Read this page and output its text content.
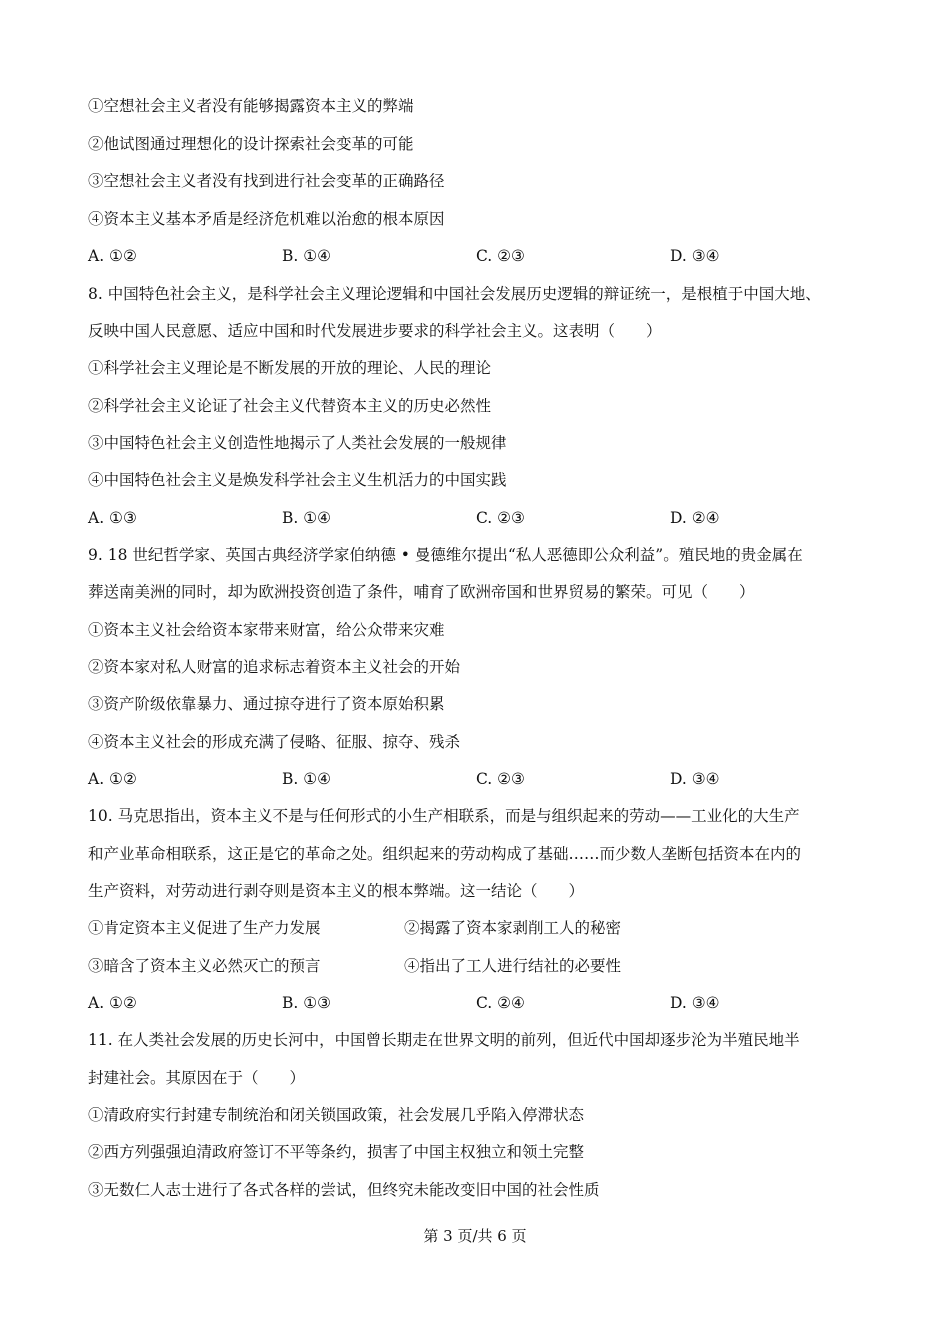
①空想社会主义者没有能够揭露资本主义的弊端
②他试图通过理想化的设计探索社会变革的可能
③空想社会主义者没有找到进行社会变革的正确路径
④资本主义基本矛盾是经济危机难以治愈的根本原因
A. ①②	B. ①④	C. ②③	D. ③④
8. 中国特色社会主义，是科学社会主义理论逻辑和中国社会发展历史逻辑的辩证统一，是根植于中国大地、
反映中国人民意愿、适应中国和时代发展进步要求的科学社会主义。这表明（　　）
①科学社会主义理论是不断发展的开放的理论、人民的理论
②科学社会主义论证了社会主义代替资本主义的历史必然性
③中国特色社会主义创造性地揭示了人类社会发展的一般规律
④中国特色社会主义是焕发科学社会主义生机活力的中国实践
A. ①③	B. ①④	C. ②③	D. ②④
9. 18 世纪哲学家、英国古典经济学家伯纳德 • 曼德维尔提出“私人恶德即公众利益”。殖民地的贵金属在
葬送南美洲的同时，却为欧洲投资创造了条件，哺育了欧洲帝国和世界贸易的繁荣。可见（　　）
①资本主义社会给资本家带来财富，给公众带来灾难
②资本家对私人财富的追求标志着资本主义社会的开始
③资产阶级依靠暴力、通过掠夺进行了资本原始积累
④资本主义社会的形成充满了侵略、征服、掠夺、残杀
A. ①②	B. ①④	C. ②③	D. ③④
10. 马克思指出，资本主义不是与任何形式的小生产相联系，而是与组织起来的劳动——工业化的大生产
和产业革命相联系，这正是它的革命之处。组织起来的劳动构成了基础……而少数人垄断包括资本在内的
生产资料，对劳动进行剥夺则是资本主义的根本弊端。这一结论（　　）
①肯定资本主义促进了生产力发展	②揭露了资本家剥削工人的秘密
③暗含了资本主义必然灭亡的预言	④指出了工人进行结社的必要性
A. ①②	B. ①③	C. ②④	D. ③④
11. 在人类社会发展的历史长河中，中国曾长期走在世界文明的前列，但近代中国却逐步沦为半殖民地半
封建社会。其原因在于（　　）
①清政府实行封建专制统治和闭关锁国政策，社会发展几乎陷入停滞状态
②西方列强强迫清政府签订不平等条约，损害了中国主权独立和领土完整
③无数仁人志士进行了各式各样的尝试，但终究未能改变旧中国的社会性质
第 3 页/共 6 页
